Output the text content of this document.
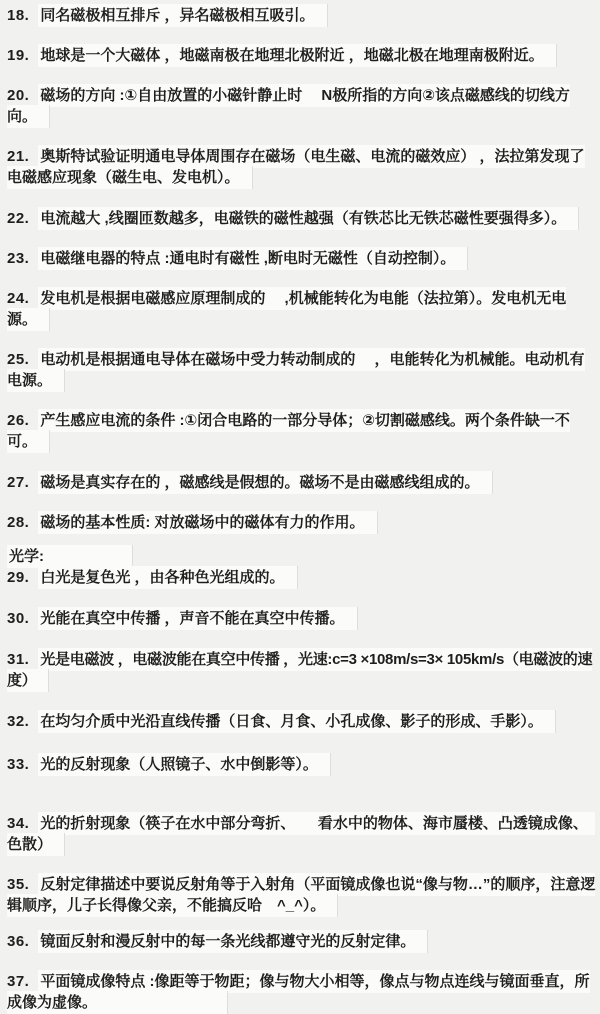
18. 同名磁极相互排斥 ，异名磁极相互吸引。
19. 地球是一个大磁体 ，地磁南极在地理北极附近 ，地磁北极在地理南极附近。
20. 磁场的方向 :①自由放置的小磁针静止时　 N极所指的方向②该点磁感线的切线方向。
21. 奥斯特试验证明通电导体周围存在磁场（电生磁、电流的磁效应） ，法拉第发现了电磁感应现象（磁生电、发电机）。
22. 电流越大 ,线圈匝数越多，电磁铁的磁性越强（有铁芯比无铁芯磁性要强得多）。
23. 电磁继电器的特点 :通电时有磁性 ,断电时无磁性（自动控制）。
24. 发电机是根据电磁感应原理制成的　 ,机械能转化为电能（法拉第）。发电机无电源。
25. 电动机是根据通电导体在磁场中受力转动制成的　 ，电能转化为机械能。电动机有电源。
26. 产生感应电流的条件 :①闭合电路的一部分导体；②切割磁感线。两个条件缺一不可。
27. 磁场是真实存在的 ，磁感线是假想的。磁场不是由磁感线组成的。
28. 磁场的基本性质: 对放磁场中的磁体有力的作用。
光学:
29. 白光是复色光 ，由各种色光组成的。
30. 光能在真空中传播 ，声音不能在真空中传播。
31. 光是电磁波 ，电磁波能在真空中传播 ，光速:c=3 ×108m/s=3× 105km/s（电磁波的速度）
32. 在均匀介质中光沿直线传播（日食、月食、小孔成像、影子的形成、手影）。
33. 光的反射现象（人照镜子、水中倒影等）。
34. 光的折射现象（筷子在水中部分弯折、　　看水中的物体、海市蜃楼、凸透镜成像、　色散）
35. 反射定律描述中要说反射角等于入射角（平面镜成像也说“像与物…”的顺序，注意逻辑顺序，儿子长得像父亲，不能搞反哈　^_^）。
36. 镜面反射和漫反射中的每一条光线都遵守光的反射定律。
37. 平面镜成像特点 :像距等于物距；像与物大小相等，像点与物点连线与镜面垂直，所成像为虚像。
